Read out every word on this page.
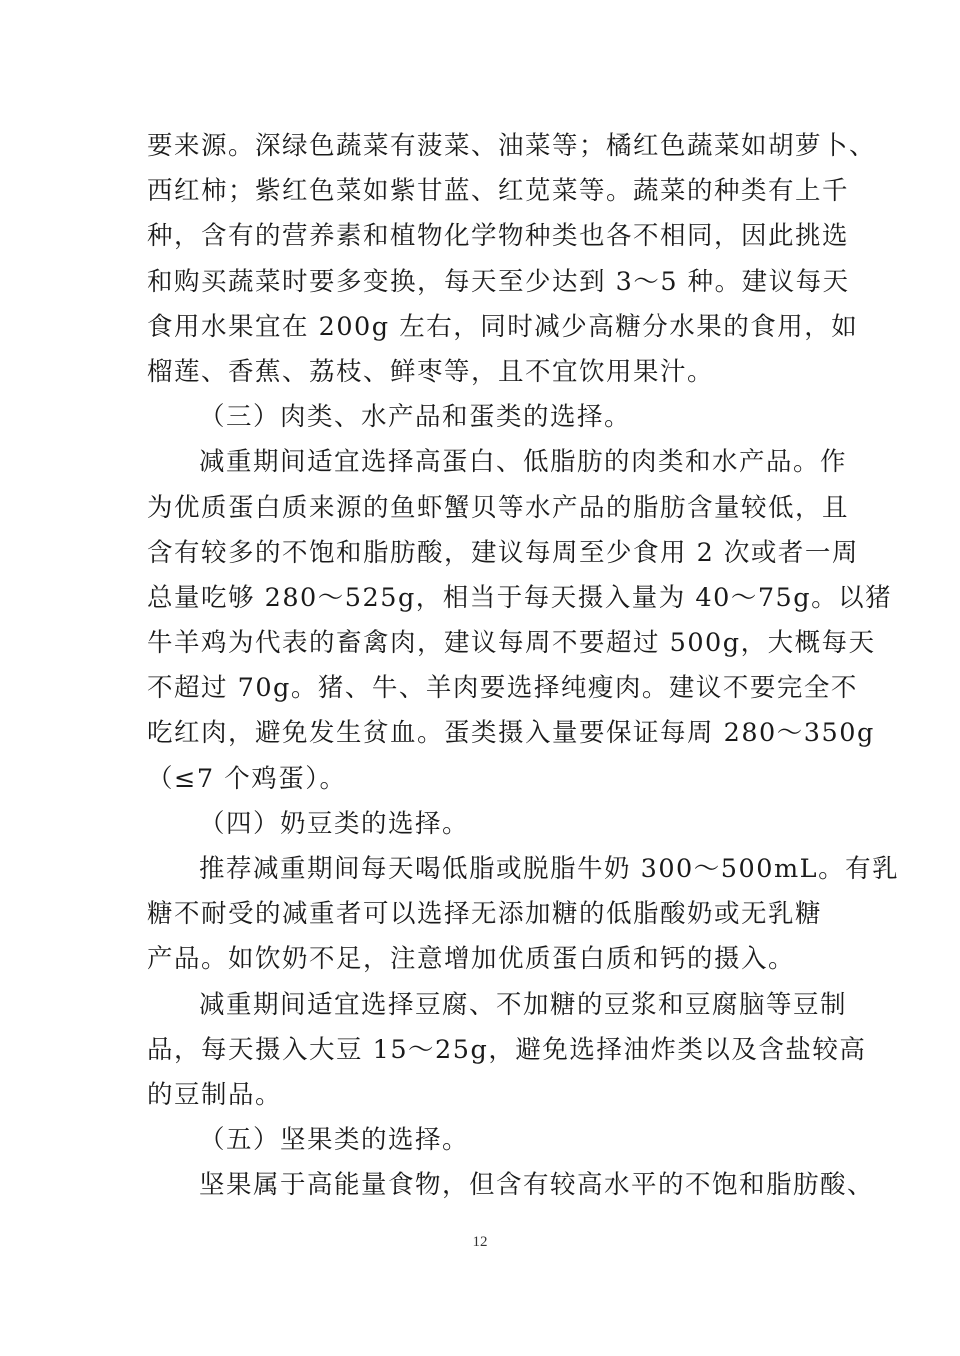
要来源。深绿色蔬菜有菠菜、油菜等；橘红色蔬菜如胡萝卜、
西红柿；紫红色菜如紫甘蓝、红苋菜等。蔬菜的种类有上千
种，含有的营养素和植物化学物种类也各不相同，因此挑选
和购买蔬菜时要多变换，每天至少达到 3～5 种。建议每天
食用水果宜在 200g 左右，同时减少高糖分水果的食用，如
榴莲、香蕉、荔枝、鲜枣等，且不宜饮用果汁。
（三）肉类、水产品和蛋类的选择。
减重期间适宜选择高蛋白、低脂肪的肉类和水产品。作
为优质蛋白质来源的鱼虾蟹贝等水产品的脂肪含量较低，且
含有较多的不饱和脂肪酸，建议每周至少食用 2 次或者一周
总量吃够 280～525g，相当于每天摄入量为 40～75g。以猪
牛羊鸡为代表的畜禽肉，建议每周不要超过 500g，大概每天
不超过 70g。猪、牛、羊肉要选择纯瘦肉。建议不要完全不
吃红肉，避免发生贫血。蛋类摄入量要保证每周 280～350g
（≤7 个鸡蛋）。
（四）奶豆类的选择。
推荐减重期间每天喝低脂或脱脂牛奶 300～500mL。有乳
糖不耐受的减重者可以选择无添加糖的低脂酸奶或无乳糖
产品。如饮奶不足，注意增加优质蛋白质和钙的摄入。
减重期间适宜选择豆腐、不加糖的豆浆和豆腐脑等豆制
品，每天摄入大豆 15～25g，避免选择油炸类以及含盐较高
的豆制品。
（五）坚果类的选择。
坚果属于高能量食物，但含有较高水平的不饱和脂肪酸、
12
